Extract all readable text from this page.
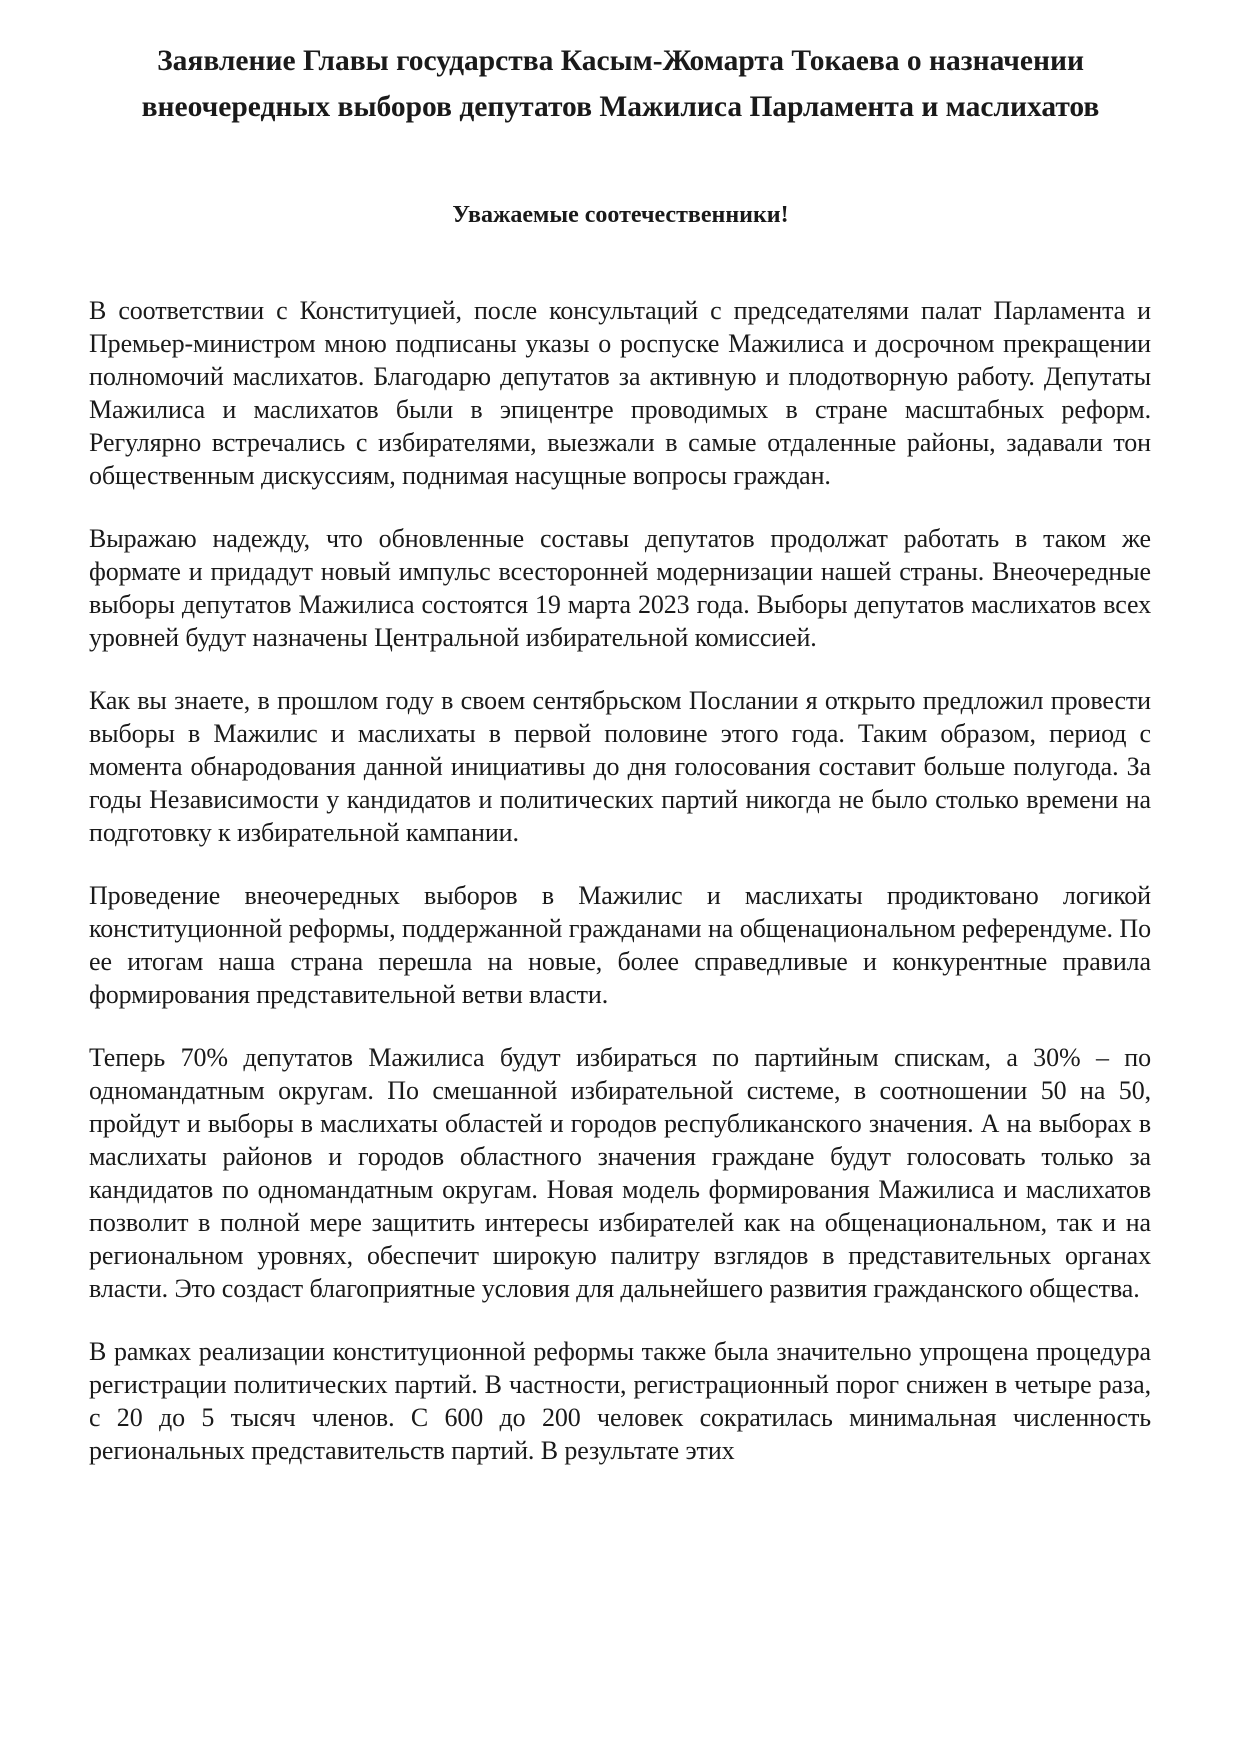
Заявление Главы государства Касым-Жомарта Токаева о назначении внеочередных выборов депутатов Мажилиса Парламента и маслихатов
Уважаемые соотечественники!

В соответствии с Конституцией, после консультаций с председателями палат Парламента и Премьер-министром мною подписаны указы о роспуске Мажилиса и досрочном прекращении полномочий маслихатов. Благодарю депутатов за активную и плодотворную работу. Депутаты Мажилиса и маслихатов были в эпицентре проводимых в стране масштабных реформ. Регулярно встречались с избирателями, выезжали в самые отдаленные районы, задавали тон общественным дискуссиям, поднимая насущные вопросы граждан.

Выражаю надежду, что обновленные составы депутатов продолжат работать в таком же формате и придадут новый импульс всесторонней модернизации нашей страны. Внеочередные выборы депутатов Мажилиса состоятся 19 марта 2023 года. Выборы депутатов маслихатов всех уровней будут назначены Центральной избирательной комиссией.

Как вы знаете, в прошлом году в своем сентябрьском Послании я открыто предложил провести выборы в Мажилис и маслихаты в первой половине этого года. Таким образом, период с момента обнародования данной инициативы до дня голосования составит больше полугода. За годы Независимости у кандидатов и политических партий никогда не было столько времени на подготовку к избирательной кампании.

Проведение внеочередных выборов в Мажилис и маслихаты продиктовано логикой конституционной реформы, поддержанной гражданами на общенациональном референдуме. По ее итогам наша страна перешла на новые, более справедливые и конкурентные правила формирования представительной ветви власти.

Теперь 70% депутатов Мажилиса будут избираться по партийным спискам, а 30% – по одномандатным округам. По смешанной избирательной системе, в соотношении 50 на 50, пройдут и выборы в маслихаты областей и городов республиканского значения. А на выборах в маслихаты районов и городов областного значения граждане будут голосовать только за кандидатов по одномандатным округам. Новая модель формирования Мажилиса и маслихатов позволит в полной мере защитить интересы избирателей как на общенациональном, так и на региональном уровнях, обеспечит широкую палитру взглядов в представительных органах власти. Это создаст благоприятные условия для дальнейшего развития гражданского общества.

В рамках реализации конституционной реформы также была значительно упрощена процедура регистрации политических партий. В частности, регистрационный порог снижен в четыре раза, с 20 до 5 тысяч членов. С 600 до 200 человек сократилась минимальная численность региональных представительств партий. В результате этих
